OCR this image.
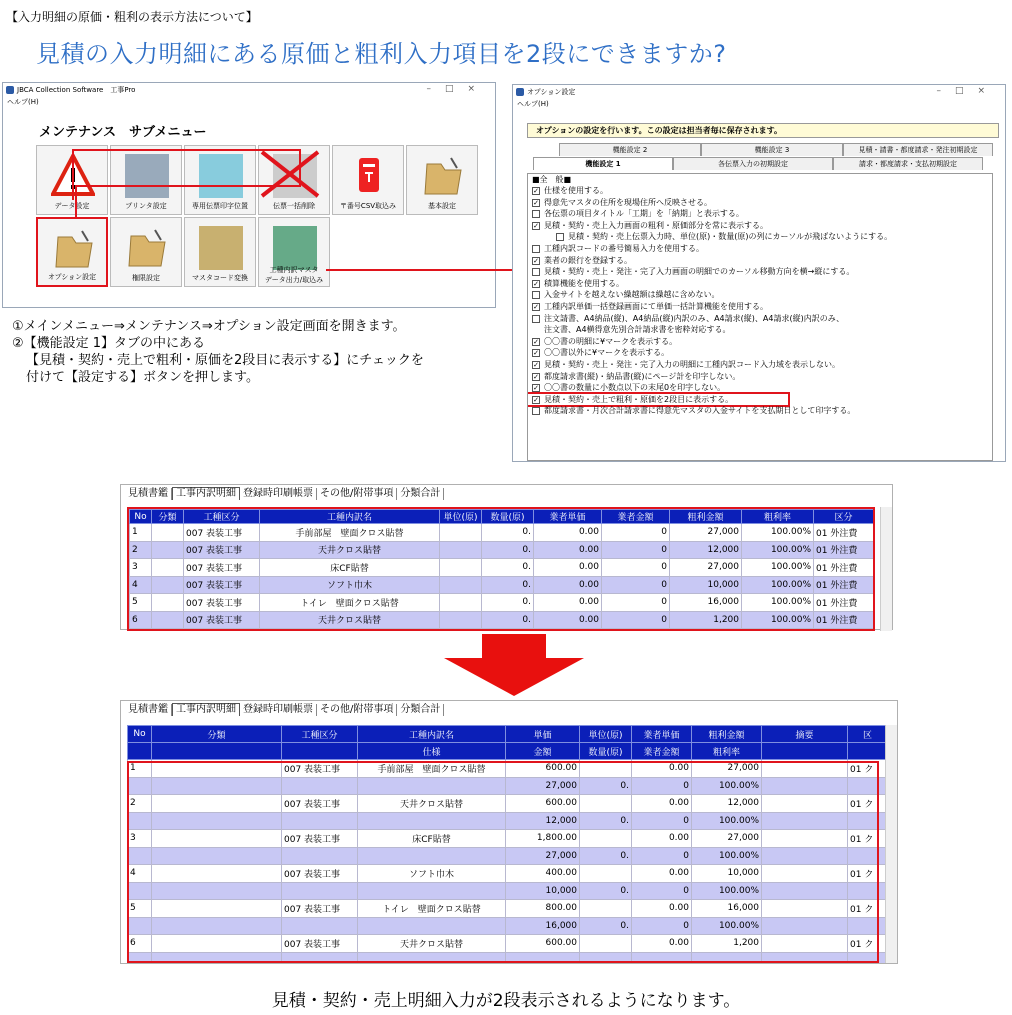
【入力明細の原価・粗利の表示方法について】
見積の入力明細にある原価と粗利入力項目を2段にできますか?
JBCA Collection Software　工事Pro	–□×
ヘルプ(H)
メンテナンス　サブメニュー
データ設定	プリンタ設定	専用伝票印字位置	伝票一括削除	〒番号CSV取込み	基本設定
オプション設定	権限設定	マスタコード変換
工種内訳マスタ
データ出力/取込み
①メインメニュー⇒メンテナンス⇒オプション設定画面を開きます。
②【機能設定 1】タブの中にある
【見積・契約・売上で粗利・原価を2段目に表示する】にチェックを
付けて【設定する】ボタンを押します。
オプション設定	–□×
ヘルプ(H)
オプションの設定を行います。この設定は担当者毎に保存されます。
機能設定 2	機能設定 3	見積・請書・都度請求・発注初期設定
機能設定 1	各伝票入力の初期設定	請求・都度請求・支払初期設定
■全　般■
✓ 仕様を使用する。
✓ 得意先マスタの住所を現場住所へ反映させる。
各伝票の項目タイトル「工期」を「納期」と表示する。
✓ 見積・契約・売上入力画面の粗利・原価部分を常に表示する。
見積・契約・売上伝票入力時、単位(原)・数量(原)の列にカーソルが飛ばないようにする。
工種内訳コードの番号簡易入力を使用する。
✓ 業者の銀行を登録する。
見積・契約・売上・発注・完了入力画面の明細でのカーソル移動方向を横→縦にする。
✓ 積算機能を使用する。
入金サイトを越えない繰越額は繰越に含めない。
✓ 工種内訳単価一括登録画面にて単価一括計算機能を使用する。
注文請書、A4納品(縦)、A4納品(縦)内訳のみ、A4請求(縦)、A4請求(縦)内訳のみ、
注文書、A4横得意先別合計請求書を密粋対応する。
✓ 〇〇書の明細に¥マークを表示する。
✓ 〇〇書以外に¥マークを表示する。
✓ 見積・契約・売上・発注・完了入力の明細に工種内訳コード入力域を表示しない。
✓ 都度請求書(縦)・納品書(縦)にページ計を印字しない。
✓ 〇〇書の数量に小数点以下の末尾0を印字しない。
✓ 見積・契約・売上で粗利・原価を2段目に表示する。
都度請求書・月次合計請求書に得意先マスタの入金サイトを支払期日として印字する。
見積書鑑 工事内訳明細 登録時印刷帳票 その他/附帯事項 分類合計
No	分類	工種区分	工種内訳名	単位(原)	数量(原)	業者単価	業者金額	粗利金額	粗利率	区分
1		007 表装工事	手前部屋　壁面クロス貼替		0.	0.00	0	27,000	100.00%	01 外注費
2		007 表装工事	天井クロス貼替		0.	0.00	0	12,000	100.00%	01 外注費
3		007 表装工事	床CF貼替		0.	0.00	0	27,000	100.00%	01 外注費
4		007 表装工事	ソフト巾木		0.	0.00	0	10,000	100.00%	01 外注費
5		007 表装工事	トイレ　壁面クロス貼替		0.	0.00	0	16,000	100.00%	01 外注費
6		007 表装工事	天井クロス貼替		0.	0.00	0	1,200	100.00%	01 外注費
見積書鑑 工事内訳明細 登録時印刷帳票 その他/附帯事項 分類合計
No	分類	工種区分	工種内訳名	単価	単位(原)	業者単価	粗利金額	摘要	区
			仕様	金額	数量(原)	業者金額	粗利率		
1		007 表装工事	手前部屋　壁面クロス貼替	600.00		0.00	27,000		01 ク
				27,000	0.	0	100.00%		
2		007 表装工事	天井クロス貼替	600.00		0.00	12,000		01 ク
				12,000	0.	0	100.00%		
3		007 表装工事	床CF貼替	1,800.00		0.00	27,000		01 ク
				27,000	0.	0	100.00%		
4		007 表装工事	ソフト巾木	400.00		0.00	10,000		01 ク
				10,000	0.	0	100.00%		
5		007 表装工事	トイレ　壁面クロス貼替	800.00		0.00	16,000		01 ク
				16,000	0.	0	100.00%		
6		007 表装工事	天井クロス貼替	600.00		0.00	1,200		01 ク

見積・契約・売上明細入力が2段表示されるようになります。
